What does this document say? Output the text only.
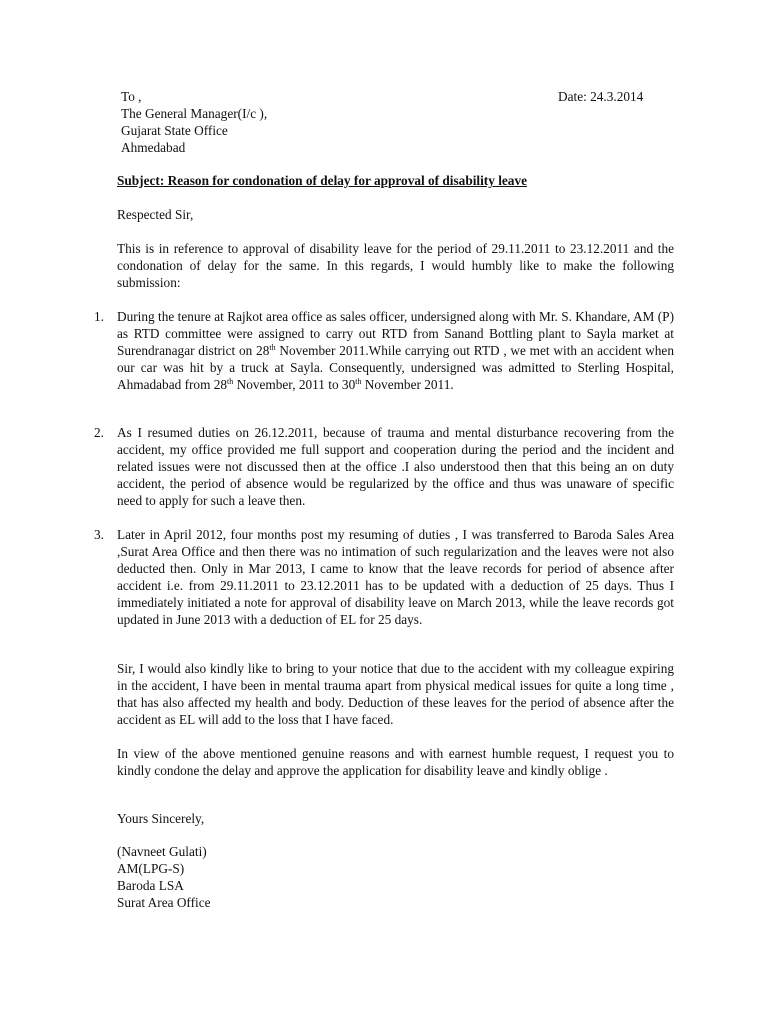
To ,
The General Manager(I/c ),
Gujarat State Office
Ahmedabad
Date: 24.3.2014
Subject: Reason for condonation of delay for approval of disability leave
Respected Sir,
This is in reference to approval of disability leave for the period of 29.11.2011 to 23.12.2011 and the condonation of delay for the same. In this regards, I would humbly like to make the following submission:
1. During the tenure at Rajkot area office as sales officer, undersigned along with Mr. S. Khandare, AM (P) as RTD committee were assigned to carry out RTD from Sanand Bottling plant to Sayla market at Surendranagar district on 28th November 2011.While carrying out RTD , we met with an accident when our car was hit by a truck at Sayla. Consequently, undersigned was admitted to Sterling Hospital, Ahmadabad from 28th November, 2011 to 30th November 2011.
2. As I resumed duties on 26.12.2011, because of trauma and mental disturbance recovering from the accident, my office provided me full support and cooperation during the period and the incident and related issues were not discussed then at the office .I also understood then that this being an on duty accident, the period of absence would be regularized by the office and thus was unaware of specific need to apply for such a leave then.
3. Later in April 2012, four months post my resuming of duties , I was transferred to Baroda Sales Area ,Surat Area Office and then there was no intimation of such regularization and the leaves were not also deducted then. Only in Mar 2013, I came to know that the leave records for period of absence after accident i.e. from 29.11.2011 to 23.12.2011 has to be updated with a deduction of 25 days. Thus I immediately initiated a note for approval of disability leave on March 2013, while the leave records got updated in June 2013 with a deduction of EL for 25 days.
Sir, I would also kindly like to bring to your notice that due to the accident with my colleague expiring in the accident, I have been in mental trauma apart from physical medical issues for quite a long time , that has also affected my health and body. Deduction of these leaves for the period of absence after the accident as EL will add to the loss that I have faced.
In view of the above mentioned genuine reasons and with earnest humble request, I request you to kindly condone the delay and approve the application for disability leave and kindly oblige .
Yours Sincerely,
(Navneet Gulati)
AM(LPG-S)
Baroda LSA
Surat Area Office
